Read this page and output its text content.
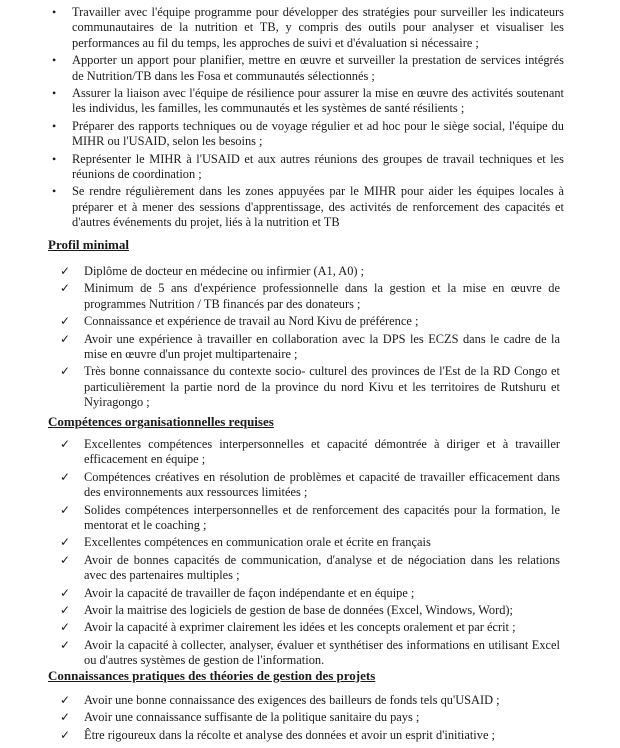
• Travailler avec l'équipe programme pour développer des stratégies pour surveiller les indicateurs communautaires de la nutrition et TB, y compris des outils pour analyser et visualiser les performances au fil du temps, les approches de suivi et d'évaluation si nécessaire ;
• Apporter un apport pour planifier, mettre en œuvre et surveiller la prestation de services intégrés de Nutrition/TB dans les Fosa et communautés sélectionnés ;
• Assurer la liaison avec l'équipe de résilience pour assurer la mise en œuvre des activités soutenant les individus, les familles, les communautés et les systèmes de santé résilients ;
• Préparer des rapports techniques ou de voyage régulier et ad hoc pour le siège social, l'équipe du MIHR ou l'USAID, selon les besoins ;
• Représenter le MIHR à l'USAID et aux autres réunions des groupes de travail techniques et les réunions de coordination ;
• Se rendre régulièrement dans les zones appuyées par le MIHR pour aider les équipes locales à préparer et à mener des sessions d'apprentissage, des activités de renforcement des capacités et d'autres événements du projet, liés à la nutrition et TB
Profil minimal
✓ Diplôme de docteur en médecine ou infirmier (A1, A0) ;
✓ Minimum de 5 ans d'expérience professionnelle dans la gestion et la mise en œuvre de programmes Nutrition / TB financés par des donateurs ;
✓ Connaissance et expérience de travail au Nord Kivu de préférence ;
✓ Avoir une expérience à travailler en collaboration avec la DPS les ECZS dans le cadre de la mise en œuvre d'un projet multipartenaire ;
✓ Très bonne connaissance du contexte socio- culturel des provinces de l'Est de la RD Congo et particulièrement la partie nord de la province du nord Kivu et les territoires de Rutshuru et Nyiragongo ;
Compétences organisationnelles requises
✓ Excellentes compétences interpersonnelles et capacité démontrée à diriger et à travailler efficacement en équipe ;
✓ Compétences créatives en résolution de problèmes et capacité de travailler efficacement dans des environnements aux ressources limitées ;
✓ Solides compétences interpersonnelles et de renforcement des capacités pour la formation, le mentorat et le coaching ;
✓ Excellentes compétences en communication orale et écrite en français
✓ Avoir de bonnes capacités de communication, d'analyse et de négociation dans les relations avec des partenaires multiples ;
✓ Avoir la capacité de travailler de façon indépendante et en équipe ;
✓ Avoir la maitrise des logiciels de gestion de base de données (Excel, Windows, Word);
✓ Avoir la capacité à exprimer clairement les idées et les concepts oralement et par écrit ;
✓ Avoir la capacité à collecter, analyser, évaluer et synthétiser des informations en utilisant Excel ou d'autres systèmes de gestion de l'information.
Connaissances pratiques des théories de gestion des projets
✓ Avoir une bonne connaissance des exigences des bailleurs de fonds tels qu'USAID ;
✓ Avoir une connaissance suffisante de la politique sanitaire du pays ;
✓ Être rigoureux dans la récolte et analyse des données et avoir un esprit d'initiative ;
